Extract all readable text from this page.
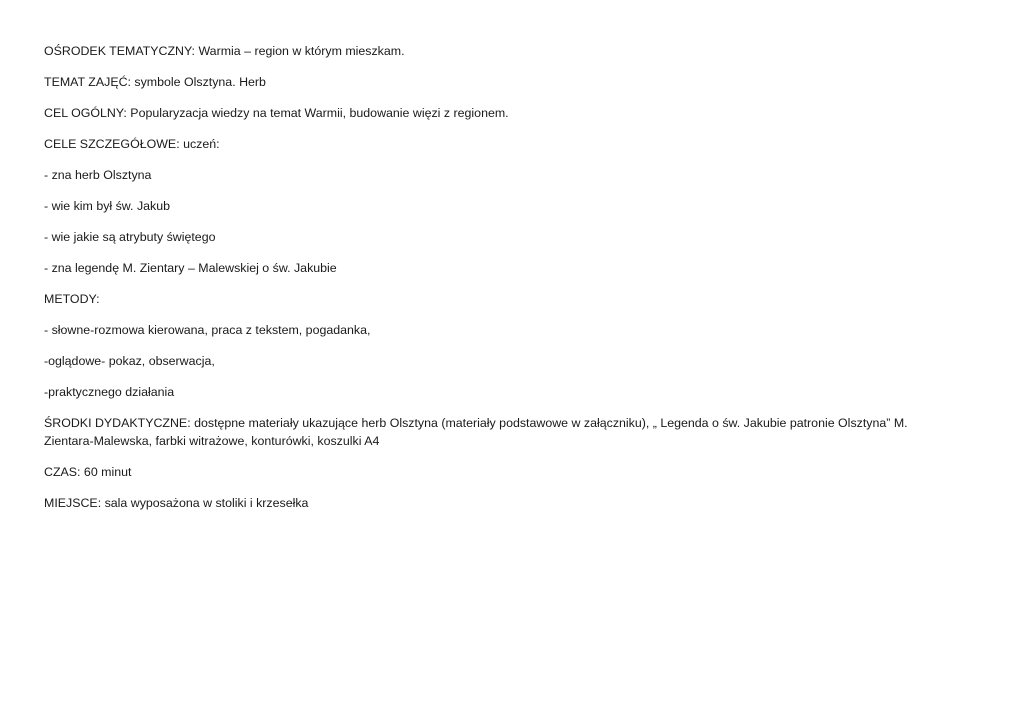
OŚRODEK TEMATYCZNY: Warmia – region w którym mieszkam.

TEMAT ZAJĘĆ: symbole Olsztyna. Herb

CEL OGÓLNY: Popularyzacja wiedzy na temat Warmii, budowanie więzi z regionem.

CELE SZCZEGÓŁOWE: uczeń:

- zna herb Olsztyna

- wie kim był św. Jakub

- wie jakie są atrybuty świętego

- zna legendę M. Zientary – Malewskiej o św. Jakubie

METODY:

- słowne-rozmowa kierowana, praca z tekstem, pogadanka,

-oglądowe- pokaz, obserwacja,

-praktycznego działania

ŚRODKI DYDAKTYCZNE: dostępne materiały ukazujące herb Olsztyna (materiały podstawowe w załączniku), „ Legenda o św. Jakubie patronie Olsztyna” M. Zientara-Malewska, farbki witrażowe, konturówki, koszulki A4

CZAS: 60 minut

MIEJSCE: sala wyposażona w stoliki i krzesełka
